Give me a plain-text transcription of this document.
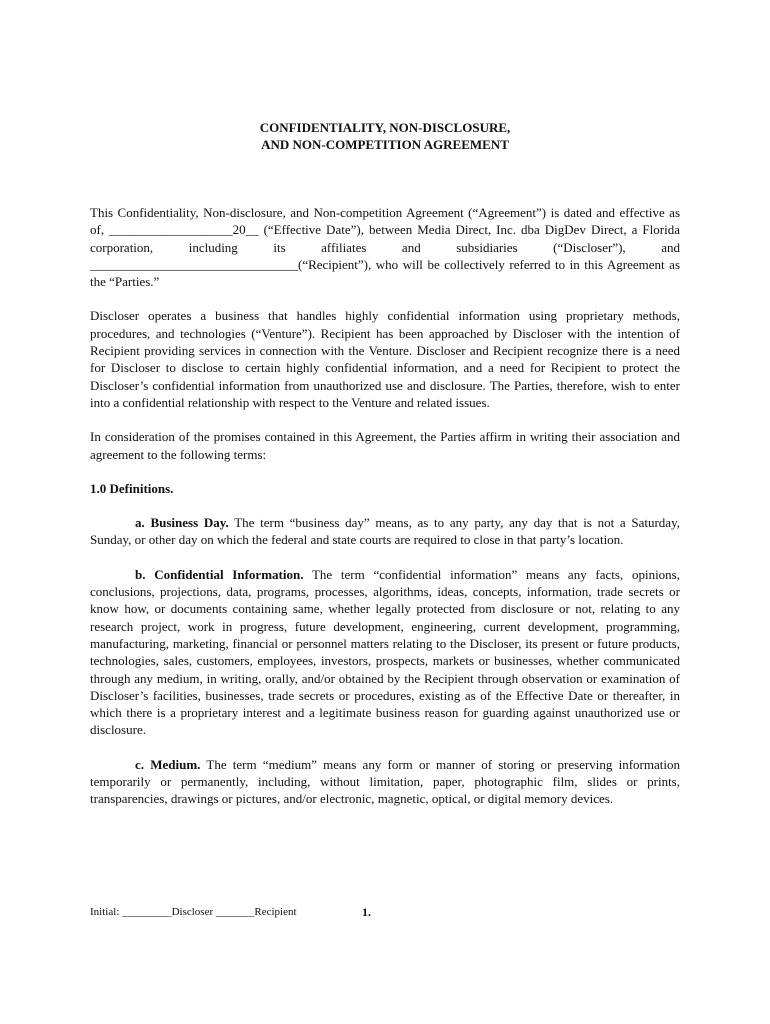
CONFIDENTIALITY, NON-DISCLOSURE,
AND NON-COMPETITION AGREEMENT

This Confidentiality, Non-disclosure, and Non-competition Agreement (“Agreement”) is dated and effective as of, ___________________20__ (“Effective Date”), between Media Direct, Inc. dba DigDev Direct, a Florida corporation, including its affiliates and subsidiaries (“Discloser”), and ________________________________(“Recipient”), who will be collectively referred to in this Agreement as the “Parties.”

Discloser operates a business that handles highly confidential information using proprietary methods, procedures, and technologies (“Venture”). Recipient has been approached by Discloser with the intention of Recipient providing services in connection with the Venture. Discloser and Recipient recognize there is a need for Discloser to disclose to certain highly confidential information, and a need for Recipient to protect the Discloser’s confidential information from unauthorized use and disclosure. The Parties, therefore, wish to enter into a confidential relationship with respect to the Venture and related issues.

In consideration of the promises contained in this Agreement, the Parties affirm in writing their association and agreement to the following terms:

1.0 Definitions.

a. Business Day. The term “business day” means, as to any party, any day that is not a Saturday, Sunday, or other day on which the federal and state courts are required to close in that party’s location.

b. Confidential Information. The term “confidential information” means any facts, opinions, conclusions, projections, data, programs, processes, algorithms, ideas, concepts, information, trade secrets or know how, or documents containing same, whether legally protected from disclosure or not, relating to any research project, work in progress, future development, engineering, current development, programming, manufacturing, marketing, financial or personnel matters relating to the Discloser, its present or future products, technologies, sales, customers, employees, investors, prospects, markets or businesses, whether communicated through any medium, in writing, orally, and/or obtained by the Recipient through observation or examination of Discloser’s facilities, businesses, trade secrets or procedures, existing as of the Effective Date or thereafter, in which there is a proprietary interest and a legitimate business reason for guarding against unauthorized use or disclosure.

c. Medium. The term “medium” means any form or manner of storing or preserving information temporarily or permanently, including, without limitation, paper, photographic film, slides or prints, transparencies, drawings or pictures, and/or electronic, magnetic, optical, or digital memory devices.

Initial: _________Discloser _______Recipient	1.
